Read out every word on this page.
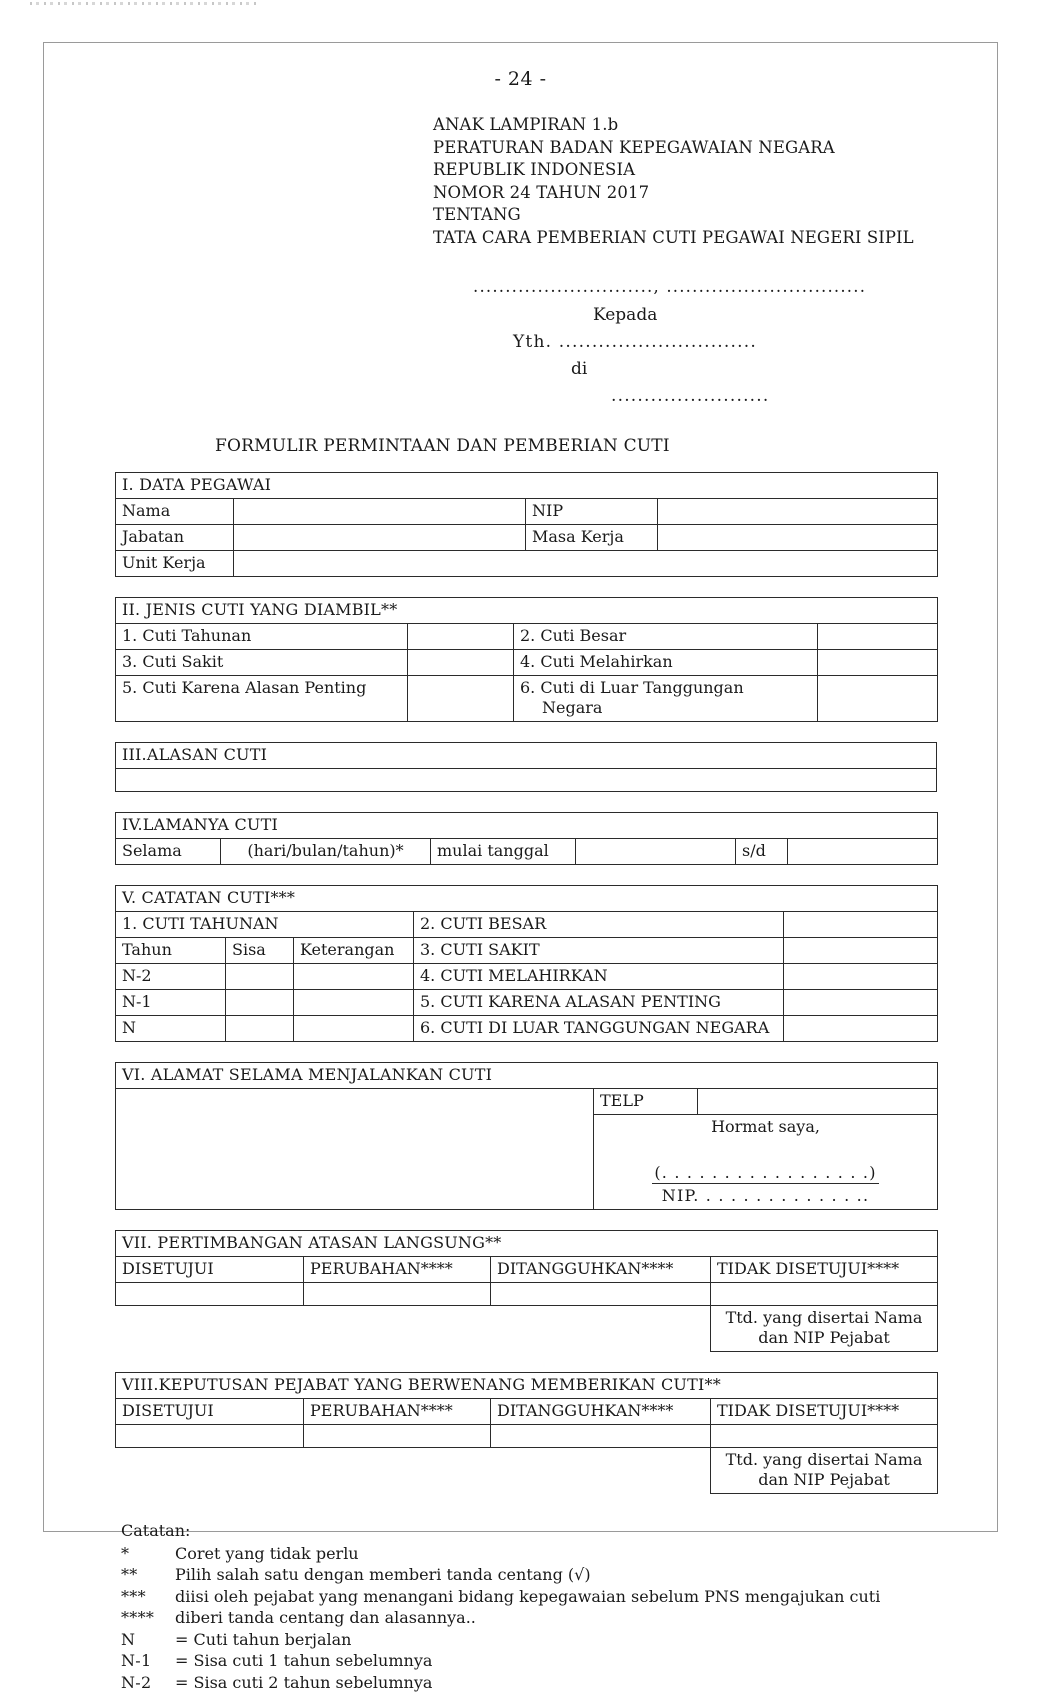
- 24 -
ANAK LAMPIRAN 1.b
PERATURAN BADAN KEPEGAWAIAN NEGARA
REPUBLIK INDONESIA
NOMOR 24 TAHUN 2017
TENTANG
TATA CARA PEMBERIAN CUTI PEGAWAI NEGERI SIPIL
............................, ...............................
Kepada
Yth. ..............................
di
........................
FORMULIR PERMINTAAN DAN PEMBERIAN CUTI
I. DATA PEGAWAI			
Nama		NIP	
Jabatan		Masa Kerja	
Unit Kerja			
II. JENIS CUTI YANG DIAMBIL**			
1. Cuti Tahunan		2. Cuti Besar	
3. Cuti Sakit		4. Cuti Melahirkan	
5. Cuti Karena Alasan Penting		6. Cuti di Luar Tanggungan
Negara	
III.ALASAN CUTI

IV.LAMANYA CUTI
Selama	(hari/bulan/tahun)*	mulai tanggal		s/d	
V. CATATAN CUTI***				
1. CUTI TAHUNAN			2. CUTI BESAR	
Tahun	Sisa	Keterangan	3. CUTI SAKIT	
N-2			4. CUTI MELAHIRKAN	
N-1			5. CUTI KARENA ALASAN PENTING	
N			6. CUTI DI LUAR TANGGUNGAN NEGARA	
VI. ALAMAT SELAMA MENJALANKAN CUTI		
	TELP	

	Hormat saya,
(. . . . . . . . . . . . . . . . .)
NIP. . . . . . . . . . . . . ..	
VII. PERTIMBANGAN ATASAN LANGSUNG**			
DISETUJUI	PERUBAHAN****	DITANGGUHKAN****	TIDAK DISETUJUI****

			Ttd. yang disertai Nama
dan NIP Pejabat
VIII.KEPUTUSAN PEJABAT YANG BERWENANG MEMBERIKAN CUTI**			
DISETUJUI	PERUBAHAN****	DITANGGUHKAN****	TIDAK DISETUJUI****

			Ttd. yang disertai Nama
dan NIP Pejabat
Catatan:
*	Coret yang tidak perlu
**	Pilih salah satu dengan memberi tanda centang (√)
***	diisi oleh pejabat yang menangani bidang kepegawaian sebelum PNS mengajukan cuti
****	diberi tanda centang dan alasannya..
N	= Cuti tahun berjalan
N-1	= Sisa cuti 1 tahun sebelumnya
N-2	= Sisa cuti 2 tahun sebelumnya
